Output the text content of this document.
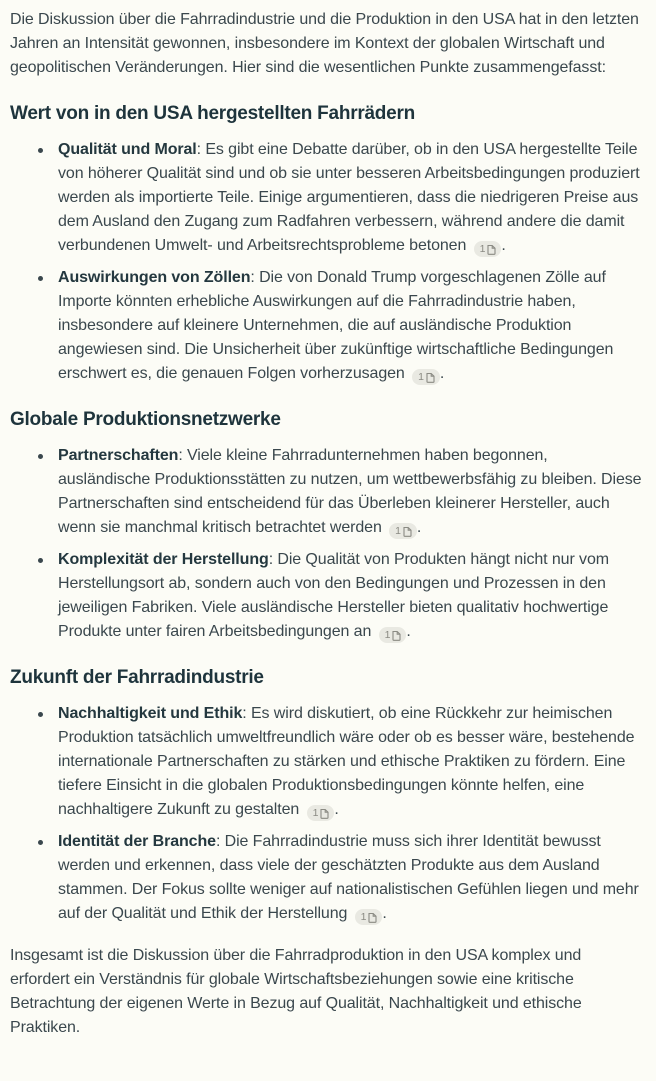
Die Diskussion über die Fahrradindustrie und die Produktion in den USA hat in den letzten Jahren an Intensität gewonnen, insbesondere im Kontext der globalen Wirtschaft und geopolitischen Veränderungen. Hier sind die wesentlichen Punkte zusammengefasst:

Wert von in den USA hergestellten Fahrrädern
Qualität und Moral: Es gibt eine Debatte darüber, ob in den USA hergestellte Teile von höherer Qualität sind und ob sie unter besseren Arbeitsbedingungen produziert werden als importierte Teile. Einige argumentieren, dass die niedrigeren Preise aus dem Ausland den Zugang zum Radfahren verbessern, während andere die damit verbundenen Umwelt- und Arbeitsrechtsprobleme betonen 1 .
Auswirkungen von Zöllen: Die von Donald Trump vorgeschlagenen Zölle auf Importe könnten erhebliche Auswirkungen auf die Fahrradindustrie haben, insbesondere auf kleinere Unternehmen, die auf ausländische Produktion angewiesen sind. Die Unsicherheit über zukünftige wirtschaftliche Bedingungen erschwert es, die genauen Folgen vorherzusagen 1 .
Globale Produktionsnetzwerke
Partnerschaften: Viele kleine Fahrradunternehmen haben begonnen, ausländische Produktionsstätten zu nutzen, um wettbewerbsfähig zu bleiben. Diese Partnerschaften sind entscheidend für das Überleben kleinerer Hersteller, auch wenn sie manchmal kritisch betrachtet werden 1 .
Komplexität der Herstellung: Die Qualität von Produkten hängt nicht nur vom Herstellungsort ab, sondern auch von den Bedingungen und Prozessen in den jeweiligen Fabriken. Viele ausländische Hersteller bieten qualitativ hochwertige Produkte unter fairen Arbeitsbedingungen an 1 .
Zukunft der Fahrradindustrie
Nachhaltigkeit und Ethik: Es wird diskutiert, ob eine Rückkehr zur heimischen Produktion tatsächlich umweltfreundlich wäre oder ob es besser wäre, bestehende internationale Partnerschaften zu stärken und ethische Praktiken zu fördern. Eine tiefere Einsicht in die globalen Produktionsbedingungen könnte helfen, eine nachhaltigere Zukunft zu gestalten 1 .
Identität der Branche: Die Fahrradindustrie muss sich ihrer Identität bewusst werden und erkennen, dass viele der geschätzten Produkte aus dem Ausland stammen. Der Fokus sollte weniger auf nationalistischen Gefühlen liegen und mehr auf der Qualität und Ethik der Herstellung 1 .

Insgesamt ist die Diskussion über die Fahrradproduktion in den USA komplex und erfordert ein Verständnis für globale Wirtschaftsbeziehungen sowie eine kritische Betrachtung der eigenen Werte in Bezug auf Qualität, Nachhaltigkeit und ethische Praktiken.
